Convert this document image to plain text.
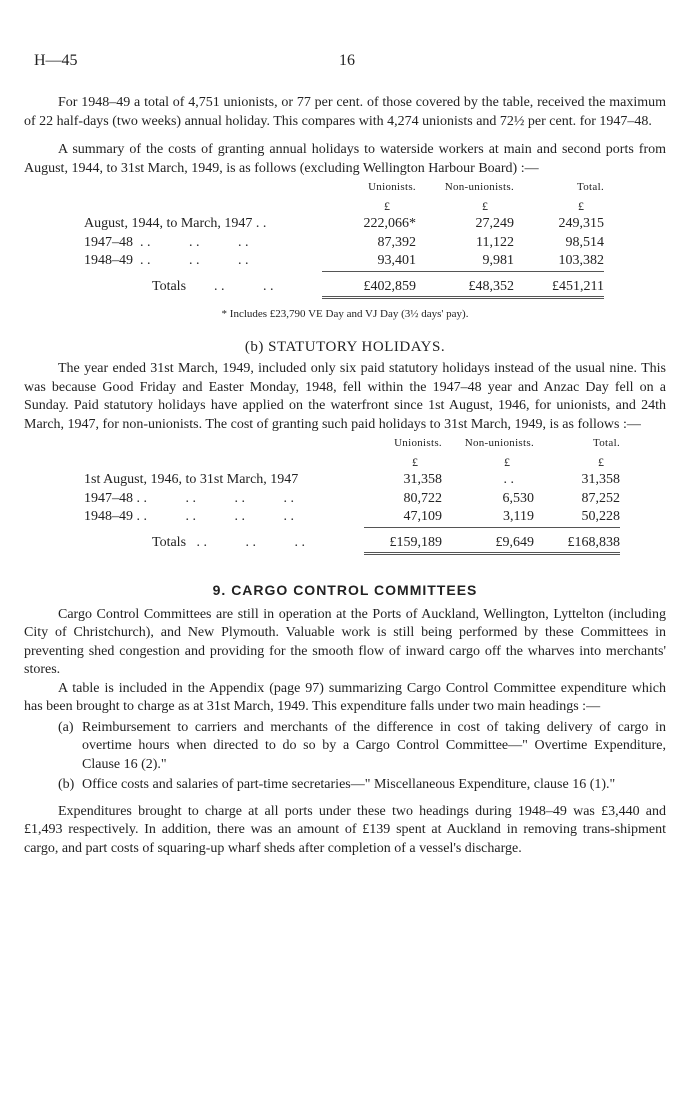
H—45	16

For 1948–49 a total of 4,751 unionists, or 77 per cent. of those covered by the table, received the maximum of 22 half-days (two weeks) annual holiday. This compares with 4,274 unionists and 72½ per cent. for 1947–48.

A summary of the costs of granting annual holidays to waterside workers at main and second ports from August, 1944, to 31st March, 1949, is as follows (excluding Wellington Harbour Board) :—

	Unionists.	Non-unionists.	Total.
	£	£	£
August, 1944, to March, 1947 . .	222,066*	27,249	249,315
1947–48  . .           . .           . .	87,392	11,122	98,514
1948–49  . .           . .           . .	93,401	9,981	103,382
Totals        . .           . .	£402,859	£48,352	£451,211

* Includes £23,790 VE Day and VJ Day (3½ days' pay).

(b) STATUTORY HOLIDAYS.

The year ended 31st March, 1949, included only six paid statutory holidays instead of the usual nine. This was because Good Friday and Easter Monday, 1948, fell within the 1947–48 year and Anzac Day fell on a Sunday. Paid statutory holidays have applied on the waterfront since 1st August, 1946, for unionists, and 24th March, 1947, for non-unionists. The cost of granting such paid holidays to 31st March, 1949, is as follows :—

	Unionists.	Non-unionists.	Total.
	£	£	£
1st August, 1946, to 31st March, 1947	31,358	. .	31,358
1947–48 . .           . .           . .           . .	80,722	6,530	87,252
1948–49 . .           . .           . .           . .	47,109	3,119	50,228
Totals   . .           . .           . .	£159,189	£9,649	£168,838
9. CARGO CONTROL COMMITTEES

Cargo Control Committees are still in operation at the Ports of Auckland, Wellington, Lyttelton (including City of Christchurch), and New Plymouth. Valuable work is still being performed by these Committees in preventing shed congestion and providing for the smooth flow of inward cargo off the wharves into merchants' stores.

A table is included in the Appendix (page 97) summarizing Cargo Control Committee expenditure which has been brought to charge as at 31st March, 1949. This expenditure falls under two main headings :—

(a) Reimbursement to carriers and merchants of the difference in cost of taking delivery of cargo in overtime hours when directed to do so by a Cargo Control Committee—" Overtime Expenditure, Clause 16 (2)."
(b) Office costs and salaries of part-time secretaries—" Miscellaneous Expenditure, clause 16 (1)."

Expenditures brought to charge at all ports under these two headings during 1948–49 was £3,440 and £1,493 respectively. In addition, there was an amount of £139 spent at Auckland in removing trans-shipment cargo, and part costs of squaring-up wharf sheds after completion of a vessel's discharge.
